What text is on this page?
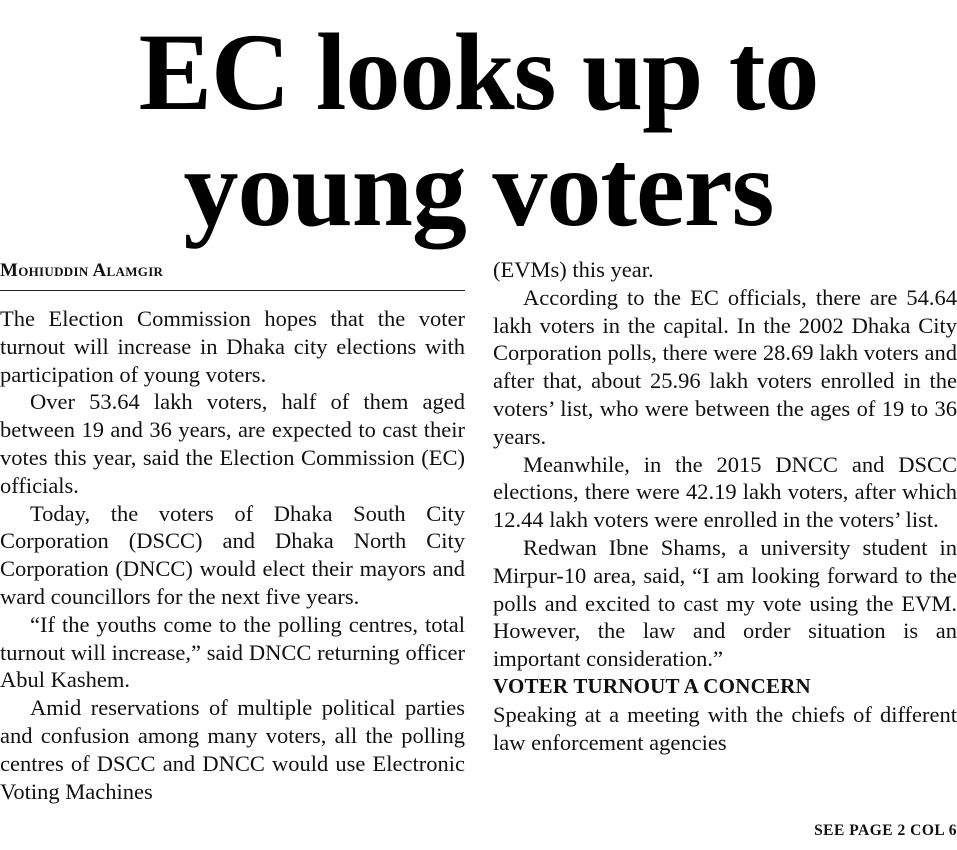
EC looks up to
young voters
Mohiuddin Alamgir

The Election Commission hopes that the voter turnout will increase in Dhaka city elections with participation of young voters.

Over 53.64 lakh voters, half of them aged between 19 and 36 years, are expected to cast their votes this year, said the Election Commission (EC) officials.

Today, the voters of Dhaka South City Corporation (DSCC) and Dhaka North City Corporation (DNCC) would elect their mayors and ward councillors for the next five years.

“If the youths come to the polling centres, total turnout will increase,” said DNCC returning officer Abul Kashem.

Amid reservations of multiple political parties and confusion among many voters, all the polling centres of DSCC and DNCC would use Electronic Voting Machines

(EVMs) this year.

According to the EC officials, there are 54.64 lakh voters in the capital. In the 2002 Dhaka City Corporation polls, there were 28.69 lakh voters and after that, about 25.96 lakh voters enrolled in the voters’ list, who were between the ages of 19 to 36 years.

Meanwhile, in the 2015 DNCC and DSCC elections, there were 42.19 lakh voters, after which 12.44 lakh voters were enrolled in the voters’ list.

Redwan Ibne Shams, a university student in Mirpur-10 area, said, “I am looking forward to the polls and excited to cast my vote using the EVM. However, the law and order situation is an important consideration.”

VOTER TURNOUT A CONCERN

Speaking at a meeting with the chiefs of different law enforcement agencies

SEE PAGE 2 COL 6
